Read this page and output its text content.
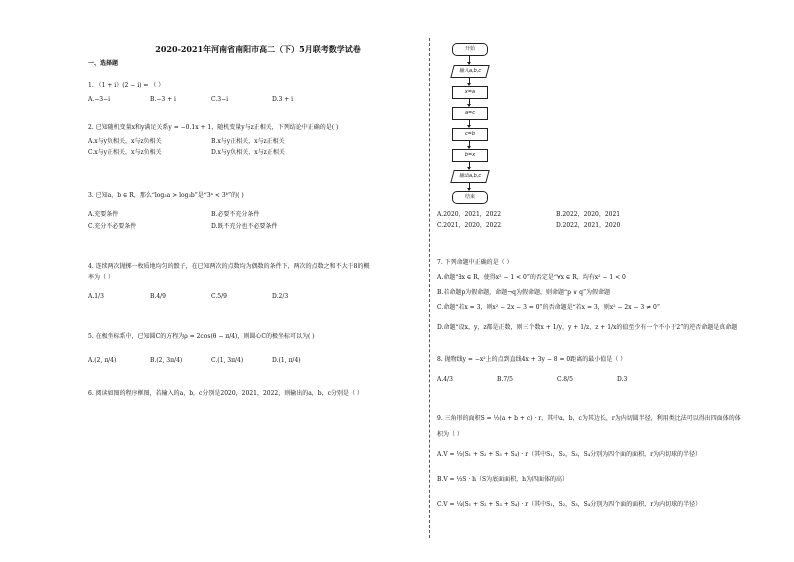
2020-2021年河南省南阳市高二（下）5月联考数学试卷
一、选择题
1. （1 + i）(2 − i) = （ ）
A.−3−i	B.−3 + i	C.3−i	D.3 + i
2. 已知随机变量x和y满足关系y = −0.1x + 1，随机变量y与z正相关，下列结论中正确的是( )
A.x与y负相关，x与z负相关	B.x与y正相关，x与z正相关
C.x与y正相关，x与z负相关	D.x与y负相关，x与z正相关
3. 已知a，b ∈ R，那么“log₃a > log₃b”是“3ᵃ < 3ᵇ”的( )
A.充要条件	B.必要不充分条件
C.充分不必要条件	D.既不充分也不必要条件
4. 连续两次抛掷一枚质地均匀的骰子，在已知两次的点数均为偶数的条件下，两次的点数之和不大于8的概
率为（ ）
A.1/3	B.4/9	C.5/9	D.2/3
5. 在极坐标系中，已知圆C的方程为ρ = 2cos(θ − π/4)，则圆心C的极坐标可以为( )
A.(2, π/4)	B.(2, 3π/4)	C.(1, 3π/4)	D.(1, π/4)
6. 阅读如图的程序框图，若输入的a，b，c分别是2020，2021，2022，则输出的a，b，c分别是（ ）
开始
输入a,b,c
x=a
a=c
c=b
b=x
输出a,b,c
结束
A.2020，2021，2022	B.2022，2020，2021
C.2021，2020，2022	D.2022，2021，2020
7. 下列命题中正确的是（ ）
A.命题“∃x ∈ R，使得x² − 1 < 0”的否定是“∀x ∈ R，均有x² − 1 < 0
B.若命题p为假命题，命题¬q为假命题，则命题“p ∨ q”为假命题
C.命题“若x = 3，则x² − 2x − 3 = 0”的否命题是“若x = 3，则x² − 2x − 3 ≠ 0”
D.命题“设x，y，z都是正数，则三个数x + 1/y，y + 1/z，z + 1/x的值至少有一个不小于2”的逆否命题是真命题
8. 抛物线y = −x²上的点到直线4x + 3y − 8 = 0距离的最小值是（ ）
A.4/3	B.7/5	C.8/5	D.3
9. 三角形的面积S = ½(a + b + c) · r，其中a，b，c为其边长，r为内切圆半径，利用类比法可以得出四面体的体
积为（ ）
A.V = ⅓(S₁ + S₂ + S₃ + S₄) · r（其中S₁，S₂，S₃，S₄分别为四个面的面积，r为内切球的半径）
B.V = ⅓S · h（S为底面面积，h为四面体的高）
C.V = ¼(S₁ + S₂ + S₃ + S₄) · r（其中S₁，S₂，S₃，S₄分别为四个面的面积，r为内切球的半径）
